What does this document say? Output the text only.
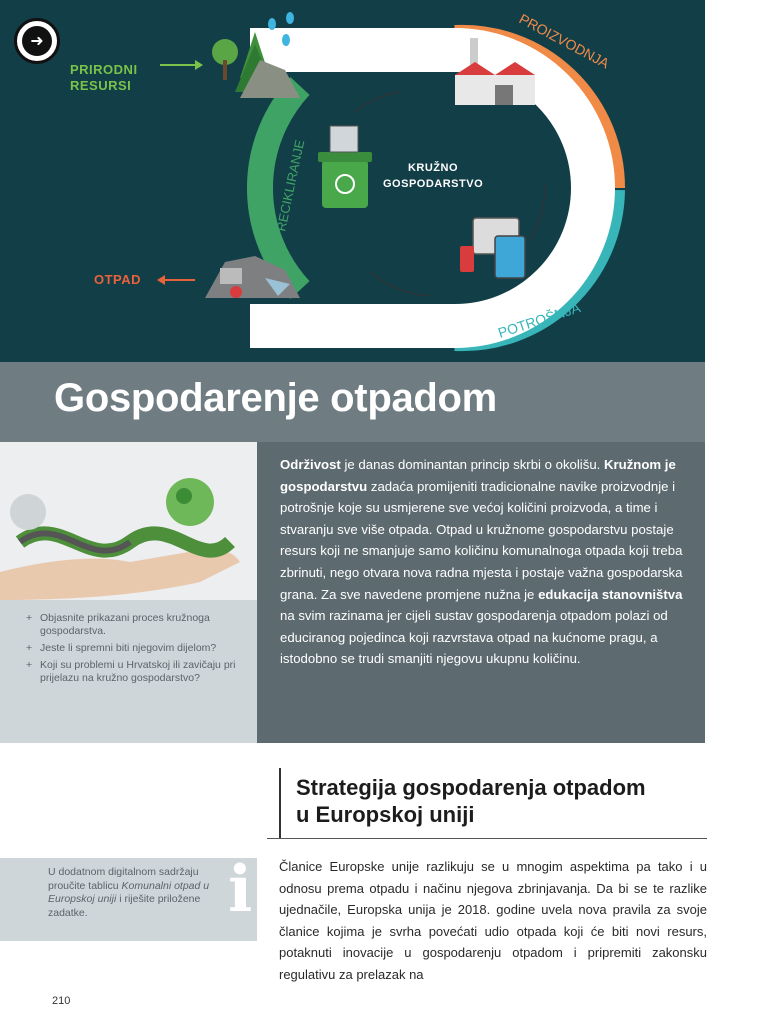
PROIZVODNJA
POTROŠNJA
RECIKLIRANJE
➜
PRIRODNI
RESURSI
OTPAD
KRUŽNO
GOSPODARSTVO
Gospodarenje otpadom
+ Objasnite prikazani proces kružnoga gospodarstva.
+ Jeste li spremni biti njegovim dijelom?
+ Koji su problemi u Hrvatskoj ili zavičaju pri prijelazu na kružno gospodarstvo?
Održivost je danas dominantan princip skrbi o okolišu. Kružnom je gospodarstvu zadaća promijeniti tradicionalne navike proizvodnje i potrošnje koje su usmjerene sve većoj količini proizvoda, a time i stvaranju sve više otpada. Otpad u kružnome gospodarstvu postaje resurs koji ne smanjuje samo količinu komunalnoga otpada koji treba zbrinuti, nego otvara nova radna mjesta i postaje važna gospodarska grana. Za sve navedene promjene nužna je edukacija stanovništva na svim razinama jer cijeli sustav gospodarenja otpadom polazi od educiranog pojedinca koji razvrstava otpad na kućnome pragu, a istodobno se trudi smanjiti njegovu ukupnu količinu.
Strategija gospodarenja otpadom u Europskoj uniji
U dodatnom digitalnom sadržaju proučite tablicu Komunalni otpad u Europskoj uniji i riješite priložene zadatke.	i Članice Europske unije razlikuju se u mnogim aspektima pa tako i u odnosu prema otpadu i načinu njegova zbrinjavanja. Da bi se te razlike ujednačile, Europska unija je 2018. godine uvela nova pravila za svoje članice kojima je svrha povećati udio otpada koji će biti novi resurs, potaknuti inovacije u gospodarenju otpadom i pripremiti zakonsku regulativu za prelazak na

210
